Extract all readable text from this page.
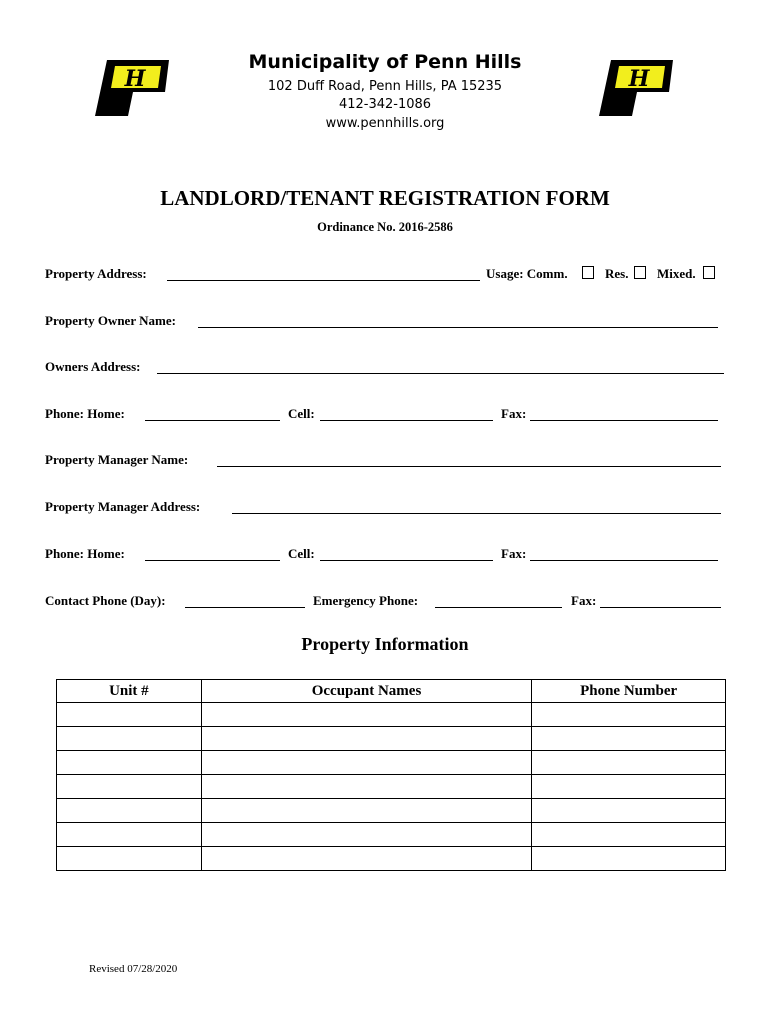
H	H
Municipality of Penn Hills
102 Duff Road, Penn Hills, PA 15235
412-342-1086
www.pennhills.org
LANDLORD/TENANT REGISTRATION FORM
Ordinance No. 2016-2586
Property Address:	Usage: Comm.	Res. Mixed.
Property Owner Name:
Owners Address:
Phone: Home:	Cell:	Fax:
Property Manager Name:
Property Manager Address:
Phone: Home:	Cell:	Fax:
Contact Phone (Day):	Emergency Phone:	Fax:
Property Information
Unit #	Occupant Names	Phone Number

Revised 07/28/2020
